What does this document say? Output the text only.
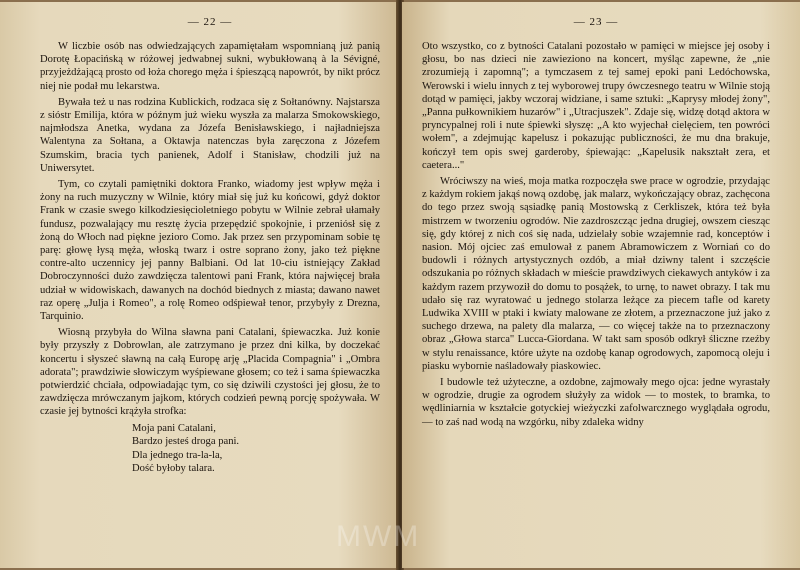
— 22 —

W liczbie osób nas odwiedzających zapamiętałam wspomnianą już panią Dorotę Łopacińską w różowej jedwabnej sukni, wybukłowaną à la Sévigné, przyjeżdżającą prosto od łoża chorego męża i śpieszącą napowrót, by nikt prócz niej nie podał mu lekarstwa.

Bywała też u nas rodzina Kublickich, rodzaca się z Sołtanówny. Najstarsza z sióstr Emilija, która w późnym już wieku wyszła za malarza Smokowskiego, najmłodsza Anetka, wydana za Józefa Benisławskiego, i najładniejsza Walentyna za Sołtana, a Oktawja natenczas była zaręczona z Józefem Szumskim, bracia tych panienek, Adolf i Stanisław, chodzili już na Uniwersytet.

Tym, co czytali pamiętniki doktora Franko, wiadomy jest wpływ męża i żony na ruch muzyczny w Wilnie, który miał się już ku końcowi, gdyż doktor Frank w czasie swego kilkodziesięcioletniego pobytu w Wilnie zebrał ułamały fundusz, pozwalający mu resztę życia przepędzić spokojnie, i przeniósł się z żoną do Włoch nad piękne jezioro Como. Jak przez sen przypominam sobie tę parę: głowę łysą męża, włoską twarz i ostre soprano żony, jako też piękne contre-alto uczennicy jej panny Balbiani. Od lat 10-ciu istniejący Zakład Dobroczynności dużo zawdzięcza talentowi pani Frank, która najwięcej brała udział w widowiskach, dawanych na dochód biednych z miasta; dawano nawet raz operę „Julja i Romeo", a rolę Romeo odśpiewał tenor, przybyły z Drezna, Tarquinio.

Wiosną przybyła do Wilna sławna pani Catalani, śpiewaczka. Już konie były przyszły z Dobrowlan, ale zatrzymano je przez dni kilka, by doczekać koncertu i słyszeć sławną na całą Europę arję „Placida Compagnia" i „Ombra adorata"; prawdziwie słowiczym wyśpiewane głosem; co też i sama śpiewaczka potwierdzić chciała, odpowiadając tym, co się dziwili czystości jej głosu, że to zawdzięcza mrówczanym jajkom, których codzień pewną porcję spożywała. W czasie jej bytności krążyła strofka:

Moja pani Catalani,
Bardzo jesteś droga pani.
Dla jednego tra-la-la,
Dość byłoby talara.
— 23 —

Oto wszystko, co z bytności Catalani pozostało w pamięci w miejsce jej osoby i głosu, bo nas dzieci nie zawieziono na koncert, myśląc zapewne, że „nie zrozumieją i zapomną"; a tymczasem z tej samej epoki pani Ledóchowska, Werowski i wielu innych z tej wyborowej trupy ówczesnego teatru w Wilnie stoją dotąd w pamięci, jakby wczoraj widziane, i same sztuki: „Kaprysy młodej żony", „Panna pułkownikiem huzarów" i „Utracjuszek". Zdaje się, widzę dotąd aktora w pryncypalnej roli i nute śpiewki słyszę: „A kto wyjechał cielęciem, ten powróci wołem", a zdejmując kapelusz i pokazując publiczności, że mu dna brakuje, kończył tem opis swej garderoby, śpiewając: „Kapelusik nakształt zera, et caetera..."

Wróciwszy na wieś, moja matka rozpoczęła swe prace w ogrodzie, przydając z każdym rokiem jakąś nową ozdobę, jak malarz, wykończający obraz, zachęcona do tego przez swoją sąsiadkę panią Mostowską z Cerkliszek, która też była mistrzem w tworzeniu ogrodów. Nie zazdroszcząc jedna drugiej, owszem ciesząc się, gdy której z nich coś się nada, udzielały sobie wzajemnie rad, konceptów i nasion. Mój ojciec zaś emulował z panem Abramowiczem z Worniań co do budowli i różnych artystycznych ozdób, a miał dziwny talent i szczęście odszukania po różnych składach w mieście prawdziwych ciekawych antyków i za każdym razem przywoził do domu to posążek, to urnę, to nawet obrazy. I tak mu udało się raz wyratować u jednego stolarza leżące za piecem tafle od karety Ludwika XVIII w ptaki i kwiaty malowane ze złotem, a przeznaczone już jako z suchego drzewa, na palety dla malarza, — co więcej także na to przeznaczony obraz „Głowa starca" Lucca-Giordana. W takt sam sposób odkrył śliczne rzeźby w stylu renaissance, które użyte na ozdobę kanap ogrodowych, zapomocą oleju i piasku wybornie naśladowały piaskowiec.

I budowle też użyteczne, a ozdobne, zajmowały mego ojca: jedne wyrastały w ogrodzie, drugie za ogrodem służyły za widok — to mostek, to bramka, to wędliniarnia w kształcie gotyckiej wieżyczki zafolwarcznego wyglądała ogrodu, — to zaś nad wodą na wzgórku, niby zdaleka widny

MWM
